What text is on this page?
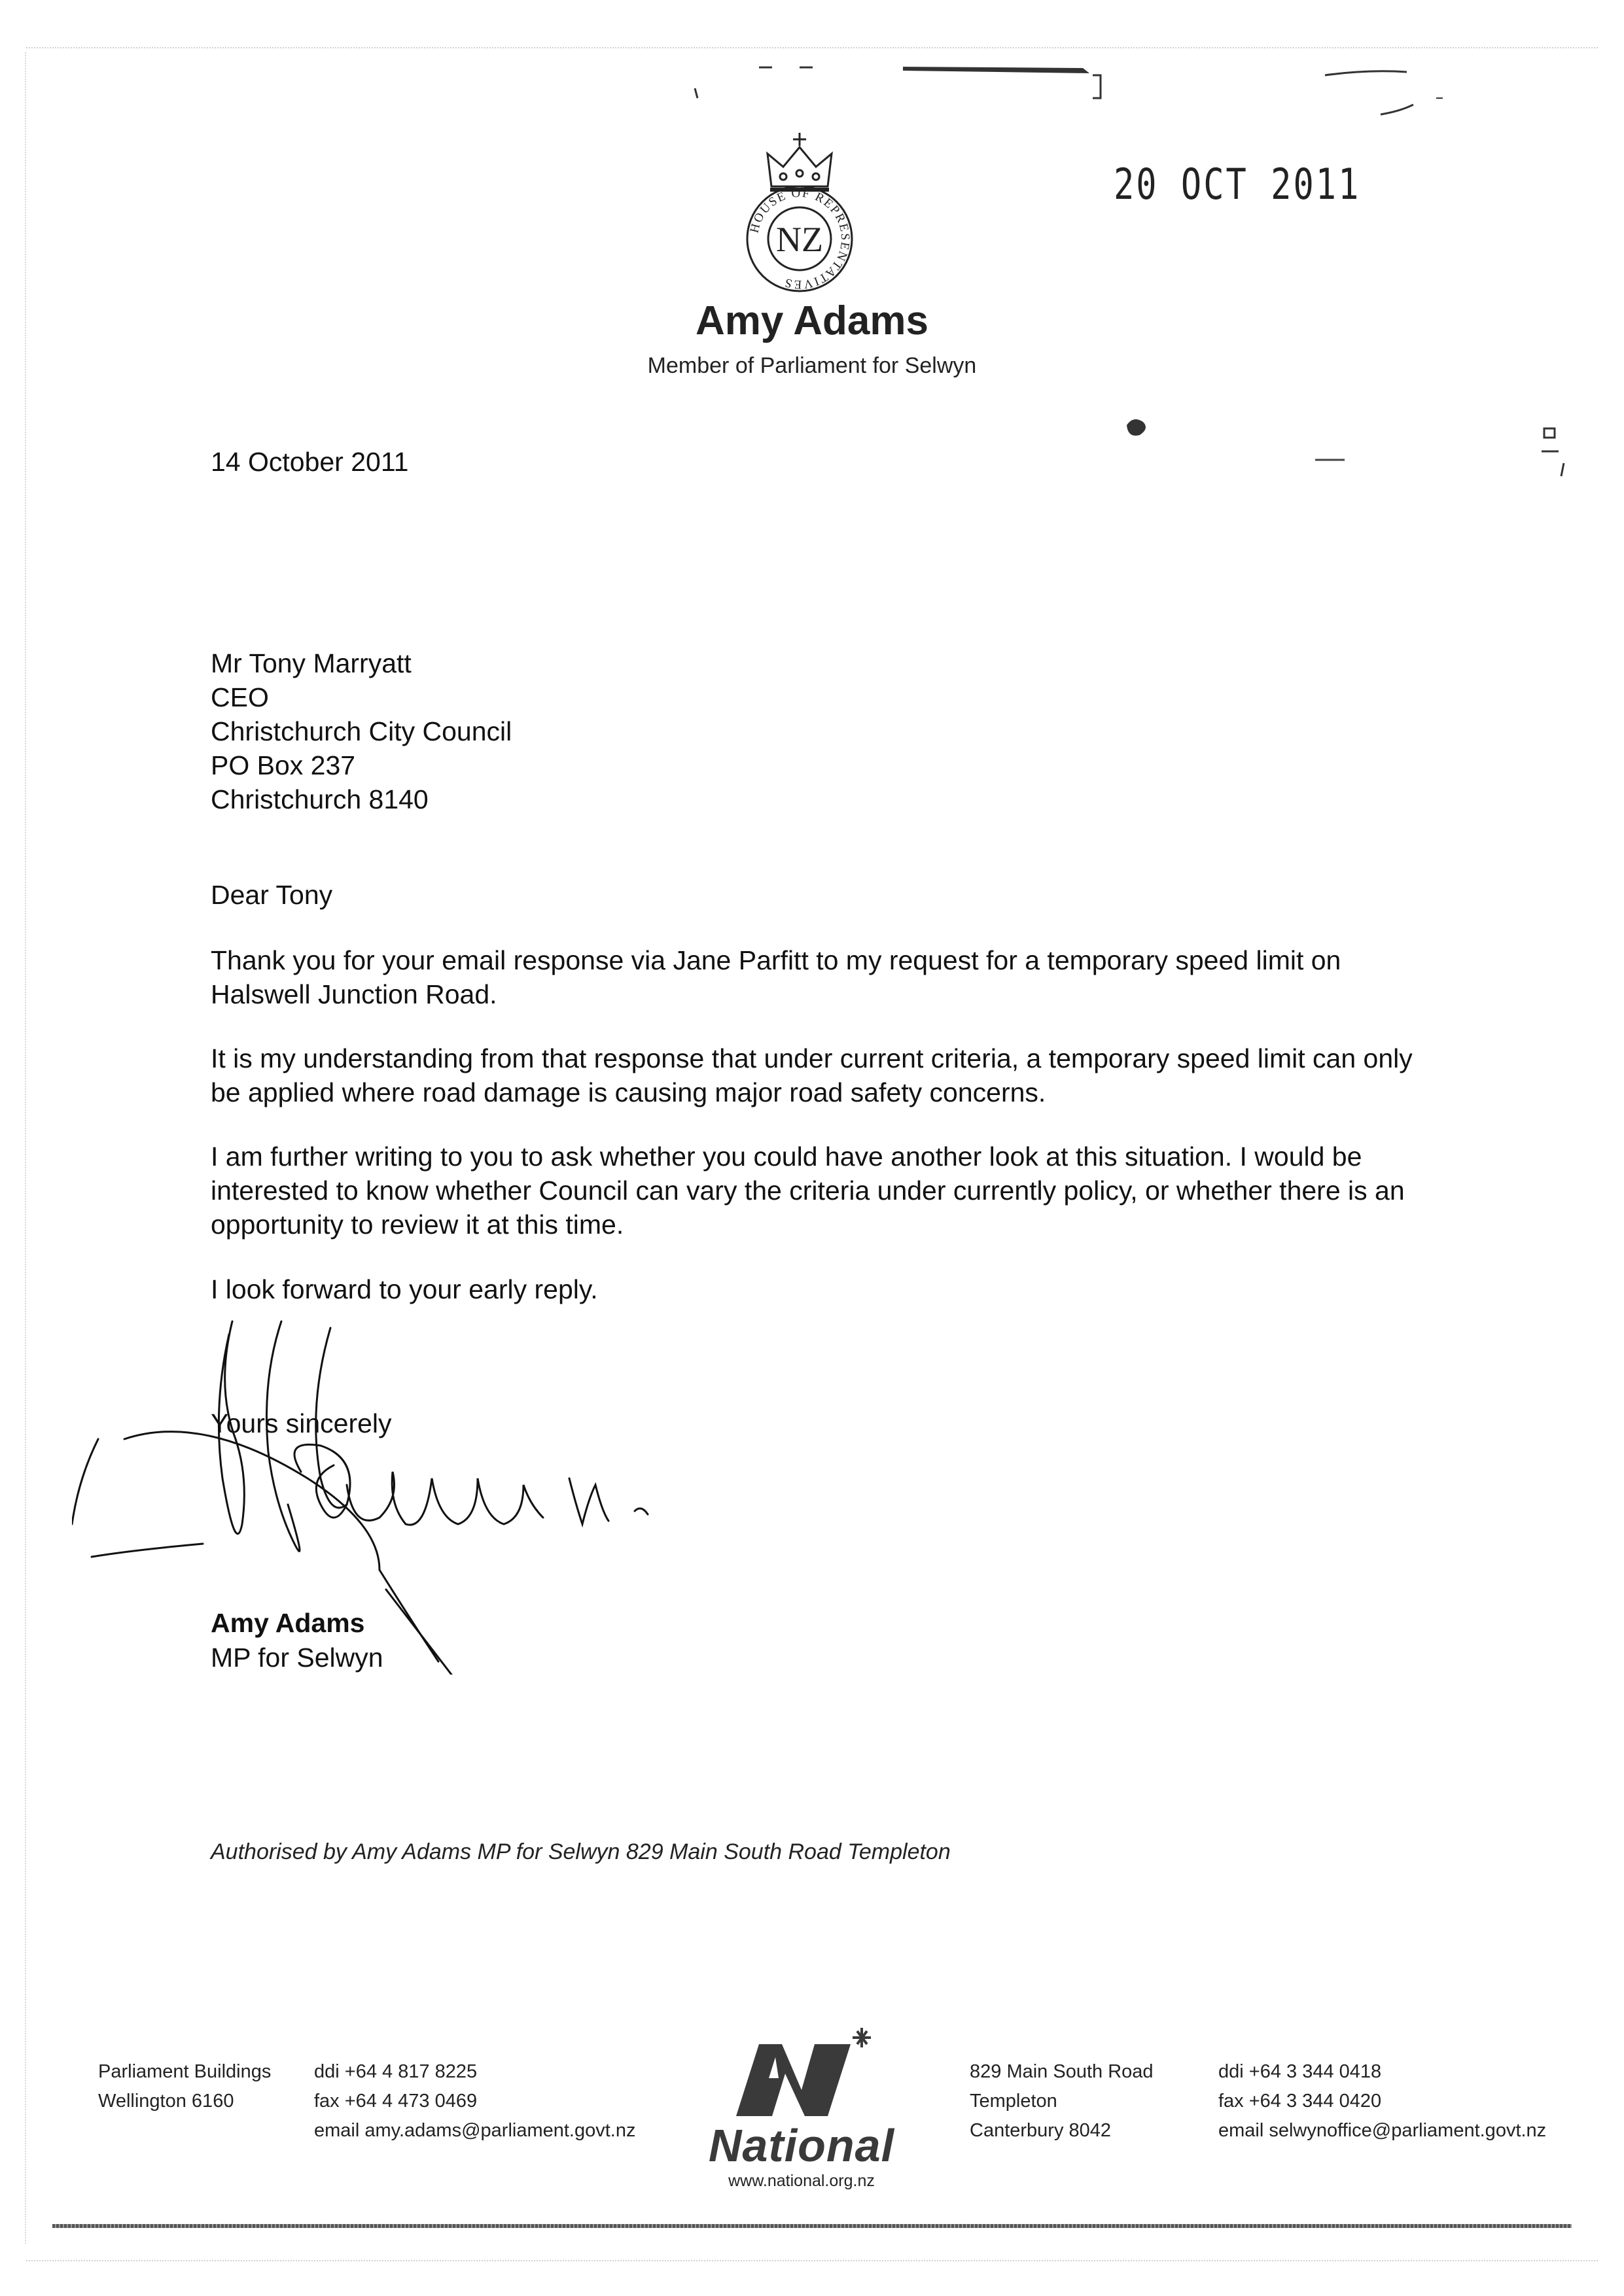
NZ
HOUSE OF REPRESENTATIVES
20 OCT 2011
Amy Adams
Member of Parliament for Selwyn
14 October 2011
Mr Tony Marryatt
CEO
Christchurch City Council
PO Box 237
Christchurch 8140
Dear Tony
Thank you for your email response via Jane Parfitt to my request for a temporary speed limit on Halswell Junction Road.
It is my understanding from that response that under current criteria, a temporary speed limit can only be applied where road damage is causing major road safety concerns.
I am further writing to you to ask whether you could have another look at this situation. I would be interested to know whether Council can vary the criteria under currently policy, or whether there is an opportunity to review it at this time.
I look forward to your early reply.
Yours sincerely
Amy Adams
MP for Selwyn
Authorised by Amy Adams MP for Selwyn 829 Main South Road Templeton
Parliament Buildings
Wellington 6160
ddi +64 4 817 8225
fax +64 4 473 0469
email amy.adams@parliament.govt.nz National
www.national.org.nz
829 Main South Road
Templeton
Canterbury 8042
ddi +64 3 344 0418
fax +64 3 344 0420
email selwynoffice@parliament.govt.nz
